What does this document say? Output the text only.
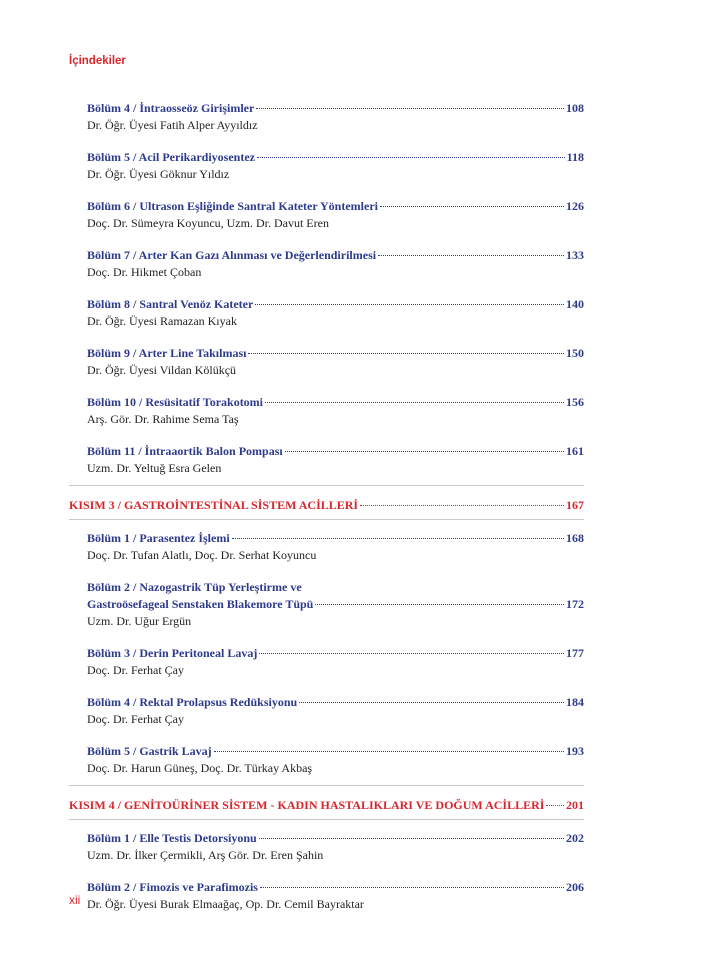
İçindekiler
Bölüm 4 / İntraosseöz Girişimler	108
Dr. Öğr. Üyesi Fatih Alper Ayyıldız
Bölüm 5 / Acil Perikardiyosentez	118
Dr. Öğr. Üyesi Göknur Yıldız
Bölüm 6 / Ultrason Eşliğinde Santral Kateter Yöntemleri	126
Doç. Dr. Sümeyra Koyuncu, Uzm. Dr. Davut Eren
Bölüm 7 / Arter Kan Gazı Alınması ve Değerlendirilmesi	133
Doç. Dr. Hikmet Çoban
Bölüm 8 / Santral Venöz Kateter	140
Dr. Öğr. Üyesi Ramazan Kıyak
Bölüm 9 / Arter Line Takılması	150
Dr. Öğr. Üyesi Vildan Kölükçü
Bölüm 10 / Resüsitatif Torakotomi	156
Arş. Gör. Dr. Rahime Sema Taş
Bölüm 11 / İntraaortik Balon Pompası	161
Uzm. Dr. Yeltuğ Esra Gelen
KISIM 3 / GASTROİNTESTİNAL SİSTEM ACİLLERİ	167
Bölüm 1 / Parasentez İşlemi	168
Doç. Dr. Tufan Alatlı, Doç. Dr. Serhat Koyuncu
Bölüm 2 / Nazogastrik Tüp Yerleştirme ve
Gastroösefageal Senstaken Blakemore Tüpü	172
Uzm. Dr. Uğur Ergün
Bölüm 3 / Derin Peritoneal Lavaj	177
Doç. Dr. Ferhat Çay
Bölüm 4 / Rektal Prolapsus Redüksiyonu	184
Doç. Dr. Ferhat Çay
Bölüm 5 / Gastrik Lavaj	193
Doç. Dr. Harun Güneş, Doç. Dr. Türkay Akbaş
KISIM 4 / GENİTOÜRİNER SİSTEM - KADIN HASTALIKLARI VE DOĞUM ACİLLERİ 201
Bölüm 1 / Elle Testis Detorsiyonu	202
Uzm. Dr. İlker Çermikli, Arş Gör. Dr. Eren Şahin
Bölüm 2 / Fimozis ve Parafimozis	206
Dr. Öğr. Üyesi Burak Elmaağaç, Op. Dr. Cemil Bayraktar
xii
